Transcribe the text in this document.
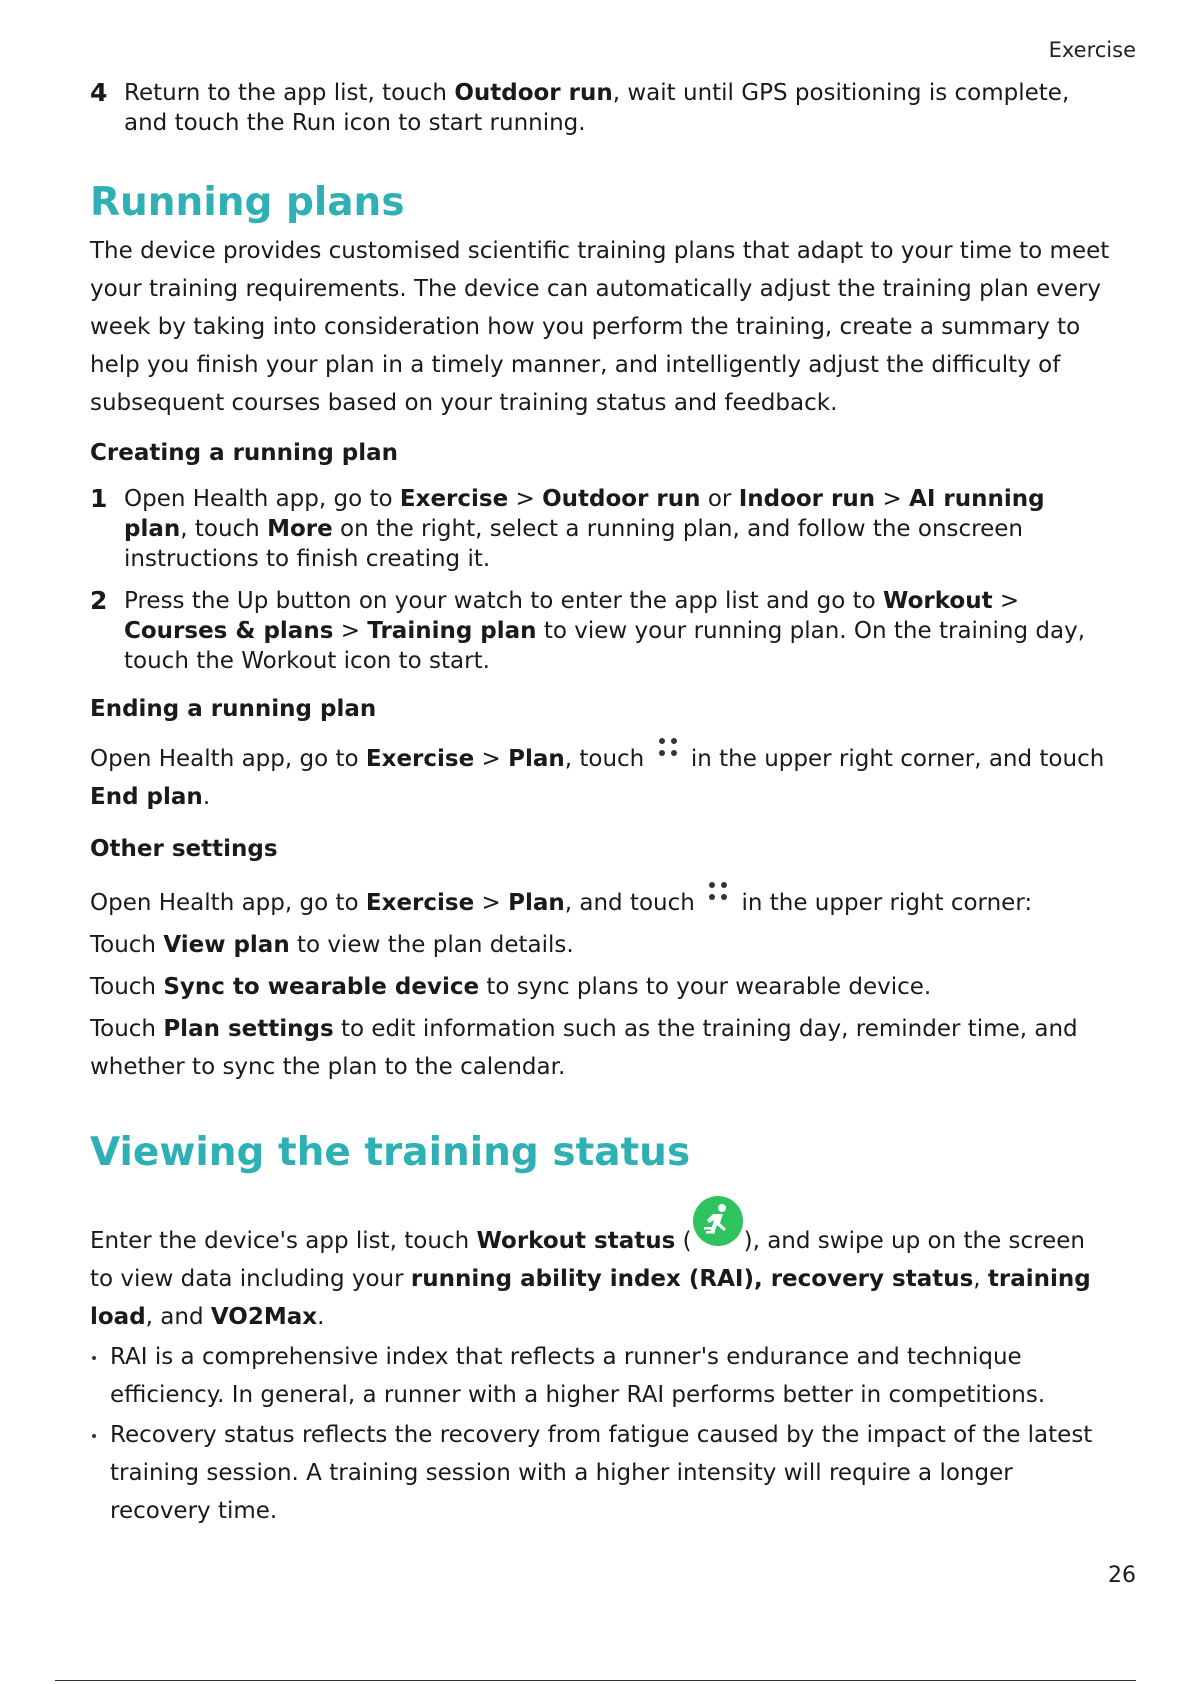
Exercise
4 Return to the app list, touch Outdoor run, wait until GPS positioning is complete, and touch the Run icon to start running.
Running plans

The device provides customised scientific training plans that adapt to your time to meet your training requirements. The device can automatically adjust the training plan every week by taking into consideration how you perform the training, create a summary to help you finish your plan in a timely manner, and intelligently adjust the difficulty of subsequent courses based on your training status and feedback.

Creating a running plan
1 Open Health app, go to Exercise > Outdoor run or Indoor run > AI running plan, touch More on the right, select a running plan, and follow the onscreen instructions to finish creating it.
2 Press the Up button on your watch to enter the app list and go to Workout > Courses & plans > Training plan to view your running plan. On the training day, touch the Workout icon to start.
Ending a running plan

Open Health app, go to Exercise > Plan, touch
in the upper right corner, and touch End plan.

Other settings

Open Health app, go to Exercise > Plan, and touch
in the upper right corner:

Touch View plan to view the plan details.

Touch Sync to wearable device to sync plans to your wearable device.

Touch Plan settings to edit information such as the training day, reminder time, and whether to sync the plan to the calendar.

Viewing the training status

Enter the device's app list, touch Workout status ( ), and swipe up on the screen to view data including your running ability index (RAI), recovery status, training load, and VO2Max.

RAI is a comprehensive index that reflects a runner's endurance and technique efficiency. In general, a runner with a higher RAI performs better in competitions.
Recovery status reflects the recovery from fatigue caused by the impact of the latest training session. A training session with a higher intensity will require a longer recovery time.
26
